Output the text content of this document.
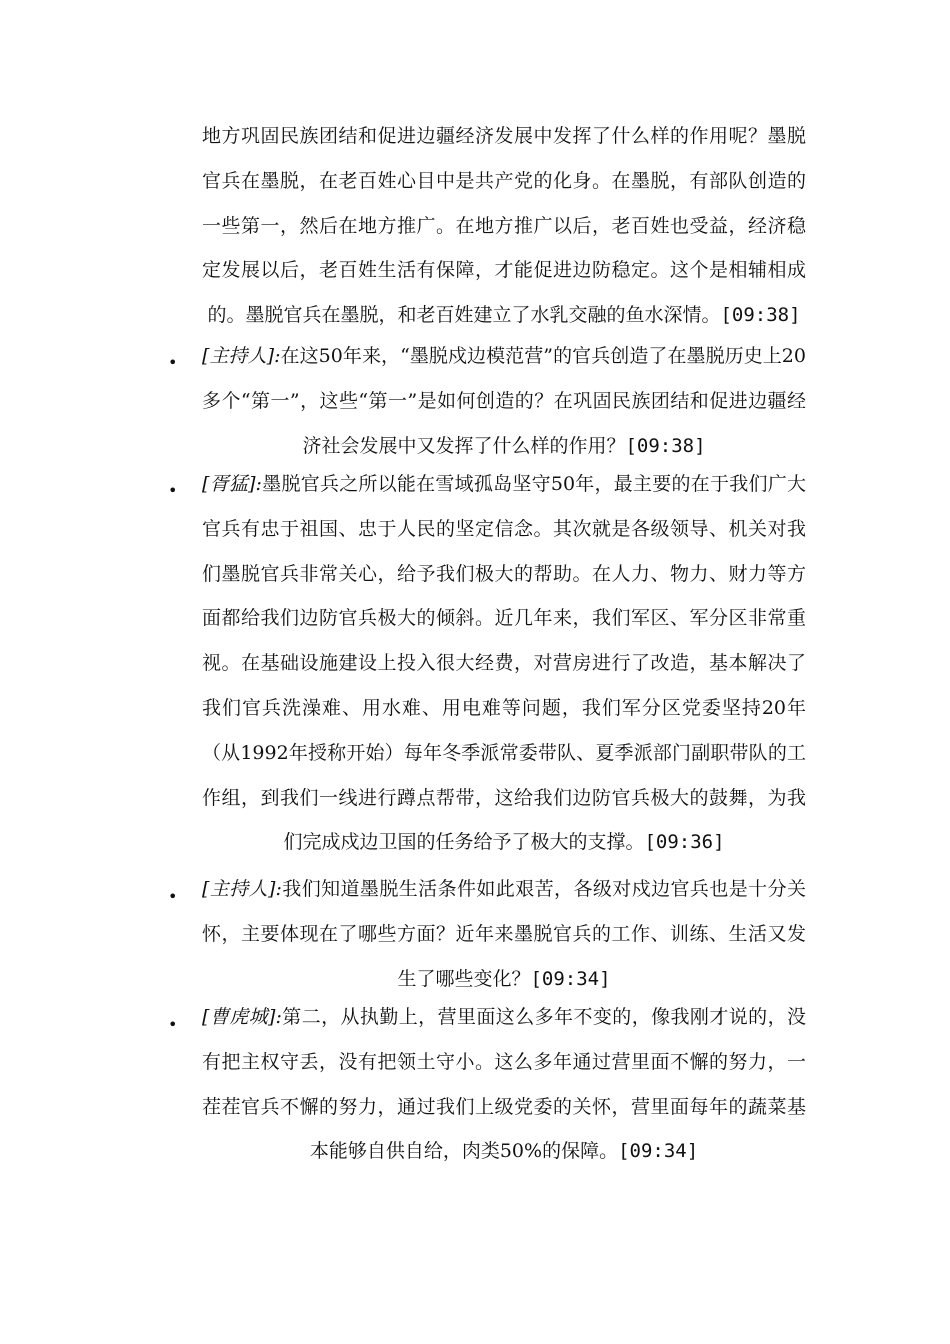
地方巩固民族团结和促进边疆经济发展中发挥了什么样的作用呢？墨脱官兵在墨脱，在老百姓心目中是共产党的化身。在墨脱，有部队创造的一些第一，然后在地方推广。在地方推广以后，老百姓也受益，经济稳定发展以后，老百姓生活有保障，才能促进边防稳定。这个是相辅相成的。墨脱官兵在墨脱，和老百姓建立了水乳交融的鱼水深情。[09:38]
• [主持人]:在这50年来，“墨脱戍边模范营”的官兵创造了在墨脱历史上20多个“第一”，这些“第一”是如何创造的？在巩固民族团结和促进边疆经济社会发展中又发挥了什么样的作用？[09:38]
• [胥猛]:墨脱官兵之所以能在雪域孤岛坚守50年，最主要的在于我们广大官兵有忠于祖国、忠于人民的坚定信念。其次就是各级领导、机关对我们墨脱官兵非常关心，给予我们极大的帮助。在人力、物力、财力等方面都给我们边防官兵极大的倾斜。近几年来，我们军区、军分区非常重视。在基础设施建设上投入很大经费，对营房进行了改造，基本解决了我们官兵洗澡难、用水难、用电难等问题，我们军分区党委坚持20年（从1992年授称开始）每年冬季派常委带队、夏季派部门副职带队的工作组，到我们一线进行蹲点帮带，这给我们边防官兵极大的鼓舞，为我们完成戍边卫国的任务给予了极大的支撑。[09:36]
• [主持人]:我们知道墨脱生活条件如此艰苦，各级对戍边官兵也是十分关怀，主要体现在了哪些方面？近年来墨脱官兵的工作、训练、生活又发生了哪些变化？[09:34]
• [曹虎城]:第二，从执勤上，营里面这么多年不变的，像我刚才说的，没有把主权守丢，没有把领土守小。这么多年通过营里面不懈的努力，一茬茬官兵不懈的努力，通过我们上级党委的关怀，营里面每年的蔬菜基本能够自供自给，肉类50%的保障。[09:34]
